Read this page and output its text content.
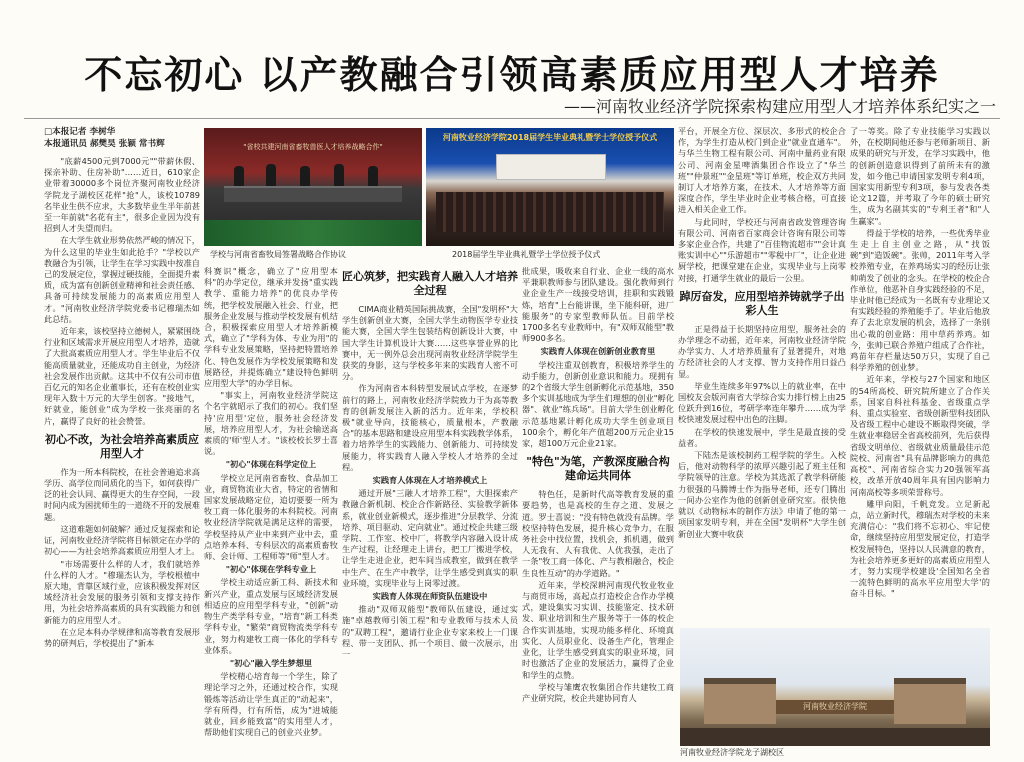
不忘初心 以产教融合引领高素质应用型人才培养
——河南牧业经济学院探索构建应用型人才培养体系纪实之一
□本报记者 李树华
本报通讯员 郝樊昊 张颖 常书辉

"底薪4500元到7000元""带薪休假、探亲补助、住房补助"……近日，610家企业带着30000多个岗位齐聚河南牧业经济学院龙子湖校区花样"抢"人，该校10789名毕业生供不应求，大多数毕业生半年前甚至一年前就"名花有主"，很多企业因为没有招到人才失望而归。

在大学生就业形势依然严峻的情况下，为什么这里的毕业生如此抢手？"学校以产教融合为引领，让学生在学习实践中按准自己的发展定位，掌握过硬技能，全面提升素质，成为富有创新创业精神和社会责任感、具备可持续发展能力的高素质应用型人才。"河南牧业经济学院党委书记穆瑞杰如此总结。

近年来，该校坚持立德树人，紧紧围绕行业和区域需求开展应用型人才培养，造就了大批高素质应用型人才。学生毕业后不仅能高质量就业，还能成功自主创业，为经济社会发展作出贡献。这其中不仅有公司市值百亿元的知名企业董事长，还有在校创业实现年入数十万元的大学生创客。"接地气，好就业，能创业"成为学校一张亮丽的名片，赢得了良好的社会赞誉。

初心不改，为社会培养高素质应用型人才

作为一所本科院校，在社会普遍追求高学历、高学位而同质化的当下，如何获得广泛的社会认同、赢得更大的生存空间，一段时间内成为困扰师生的一道绕不开的发展难题。

这道难题如何破解？通过反复探索和论证，河南牧业经济学院将目标锁定在办学的初心——为社会培养高素质应用型人才上。

"市场需要什么样的人才，我们就培养什么样的人才。"穆瑞杰认为，学校根植中原大地，背靠区域行业，应该积极发挥对区域经济社会发展的服务引领和支撑支持作用，为社会培养高素质的具有实践能力和创新能力的应用型人才。

在立足本科办学规律和高等教育发展形势的研判后，学校提出了"新本

"省校共建河南省畜牧兽医人才培养战略合作"
学校与河南省畜牧局签署战略合作协议
河南牧业经济学院2018届学生毕业典礼暨学士学位授予仪式
2018届学生毕业典礼暨学士学位授予仪式

科赛识"概念，确立了"应用型本科"的办学定位，继承并发扬"重实践教学、重能力培养"的优良办学传统，把学校发展融入社会、行业，把服务企业发展与推动学校发展有机结合，积极探索应用型人才培养新模式，确立了"学科为体、专业为用"的学科专业发展策略，坚持把特置培养化、特色发展作为学校发展策略和发展路径，并提炼确立"建设特色鲜明应用型大学"的办学目标。

"事实上，河南牧业经济学院这个名字就昭示了我们的初心。我们坚持'应用型'定位，服务社会经济发展，培养应用型人才，为社会输送高素质的'师'型人才。"该校校长罗士喜说。

"初心"体现在科学定位上

学校立足河南省畜牧、食品加工业，商贸物流业大省，特定的省情和国家发展战略定位，追切要要一所为牧工商一体化服务的本科院校。河南牧业经济学院就是满足这样的需要，学校坚持从产业中来到产业中去，重点培养本科、专科层次的高素质畜牧师、会计师、工程师等"师"型人才。

"初心"体现在学科专业上

学校主动适应新工科、新技术和新兴产业，重点发展与区域经济发展相适应的应用型学科专业，"创新"动物生产类学科专业，"培育"新工科类学科专业，"繁荣"商贸物流类学科专业，努力构建牧工商一体化的学科专业体系。

"初心"融入学生梦想里

学校精心培育每一个学生，除了理论学习之外，还通过校合作，实现锻炼等活动让学生真正的"动起来"，学有所得，行有所悟，成为"进城能就业，回乡能致富"的实用型人才，帮助他们实现自己的创业兴业梦。

匠心筑梦，把实践育人融入人才培养全过程

CIMA商业精英国际挑战赛，全国"发明杯"大学生创新创业大赛，全国大学生动物医学专业技能大赛，全国大学生包装结构创新设计大赛，中国大学生计算机设计大赛……这些享誉业界的比赛中，无一例外总会出现河南牧业经济学院学生获奖的身影，这与学校多年来的实践育人密不可分。

作为河南省本科转型发展试点学校，在逐梦前行的路上，河南牧业经济学院致力于为高等教育的创新发展注入新的活力。近年来，学校积极"就业导向，技能核心，质量根本，产教融合"的基本思路和建设应用型本科实践教学体系，着力培养学生的实践能力、创新能力、可持续发展能力，将实践育人融入学校人才培养的全过程。

实践育人体现在人才培养模式上

通过开展"三融人才培养工程"，大胆探索产教融合新机制、校企合作新路径、实验教学新体系，就业创业新模式，逐步推进"分层教学、分流培养、项目驱动、定向就业"。通过校企共建三级学院、工作室、校中厂，将教学内容融入设计成生产过程，让经理走上讲台，把工厂搬进学校，让学生走进企业，把车间当成教室，做到在教学中生产、在生产中教学，让学生感受到真实的职业环境，实现毕业与上岗零过渡。

实践育人体现在师资队伍建设中

推动"双师双能型"教师队伍建设，通过实施"卓越教师引领工程"和专业教师与技术人员的"双聘工程"，邀请行业企业专家来校上一门课程、带一支团队、抓一个项目、做一次展示，出一

批成果，吸收来自行业、企业一线的高水平兼职教师参与团队建设。强化教师到行业企业生产一线接受培训，挂职和实践锻炼，培育"上台能讲课，坐下能科研，进厂能服务"的专家型教师队伍。目前学校1700多名专业教师中，有"双师双能型"教师900多名。

实践育人体现在创新创业教育里

学校注重双创教育，积极培养学生的动手能力，创新创业意识和能力。现拥有的2个省级大学生创新孵化示范基地，350多个实训基地成为学生们理想的创业"孵化器"、就业"练兵场"。目前大学生创业孵化示范基地累计孵化成功大学生创业项目100余个，孵化年产值超200万元企业15家，超100万元企业21家。

"特色"为笔，产教深度融合构建命运共同体

特色任，是新时代高等教育发展的重要趋势，也是高校的生存之道、发展之道。罗士喜说："没有特色就没有品牌。学校坚持特色发展，提升核心竞争力，在服务社会中找位置，找机会，抓机遇，做到人无我有、人有我优、人优我强，走出了一条"牧工商一体化、产与教相融合，校企生良性互动"的办学道路。"

近年来，学校深耕河南现代牧业牧业与商贸市场，高起点打造校企合作办学模式，建设集实习实训、技能鉴定、技术研发、职业培训和生产服务等于一体的校企合作实训基地，实现功能多样化、环境真实化、人员职业化、设备生产化，管理企业化，让学生感受到真实的职业环境，同时也激活了企业的发展活力，赢得了企业和学生的点赞。

学校与雏鹰农牧集团合作共建牧工商产业研究院，校企共建协同育人

平台，开展全方位、深层次、多形式的校企合作，为学生打造从校门到企业"就业直通车"。与华兰生物工程有限公司、河南中量药业有限公司、河南金星啤酒集团合作设立了"华兰班""仲景班""金星班"等订单班，校企双方共同制订人才培养方案，在技术、人才培养等方面深度合作，学生毕业时企业考核合格，可直接进入相关企业工作。

与此同时，学校还与河南省政发管理咨询有限公司、河南省百家商会计咨询有限公司等多家企业合作，共建了"百佳物流超市""会计真账实训中心""乐游超市""零税中厂"，让企业进厨学校，把课堂建在企业，实现毕业与上岗零对接，打通学生就业的最后一公里。

踔厉奋发，应用型培养铸就学子出彩人生

正是得益于长期坚持应用型，服务社会的办学理念不动摇，近年来，河南牧业经济学院办学实力、人才培养质量有了显著提升，对地方经济社会的人才支撑、智力支持作用日益凸显。

毕业生连续多年97%以上的就业率，在中国校友会版河南省大学综合实力排行榜上由25位跃升到16位，考研学率连年攀升……成为学校快速发展过程中出色的注脚。

在学校的快速发展中，学生是最直接的受益者。

下陆杰是该校制药工程学院的学生。入校后，他对动物科学的浓厚兴趣引起了班主任和学院领导的注意。学校为其选派了教学科研能力很强的马腾博士作为指导老师，还专门腾出一间办公室作为他的创新创业研究室。很快他就以《动物标本的制作方法》申请了他的第一项国家发明专利，并在全国"发明杯"大学生创新创业大赛中收获

了一等奖。除了专业技能学习实践以外，在校期间他还参与老师新项目、新成果的研究与开发，在学习实践中，他的创新创造意识得到了前所未有的激发，如今他已申请国家发明专利4项，国家实用新型专利3项，参与发表各类论文12篇，并考取了今年的硕士研究生，成为名副其实的"专利王者"和"人生赢家"。

得益于学校的培养，一些优秀毕业生走上自主创业之路，从"找饭碗"到"造饭碗"。张帅，2011年考入学校养殖专业，在养鸡场实习的经历让张帅萌发了创业的念头。在学校的校企合作单位，他恶补自身实践经验的不足，毕业时他已经成为一名既有专业理论又有实践经验的养殖能手了。毕业后他放弃了去北京发展的机会，选择了一条别出心裁的创业路：用中草药养鸡。如今，张帅已联合养殖户组成了合作社，鸡苗年存栏量达50万只，实现了自己科学养殖的创业梦。

近年来，学校与27个国家和地区的54所高校、研究院所建立了合作关系，国家自科社科基金、省级重点学科、重点实验室、省级创新型科技团队及省级工程中心建设不断取得突破，学生就业率稳居全省高校前列，先后获得省级文明单位、省级就业质量最佳示范院校、河南省"具有品牌影响力的典范高校"、河南省综合实力20强领军高校，改革开放40周年具有国内影响力河南高校等多项荣誉称号。

雕甲向阳，千帆竞发。立足新起点，站立新时代，穆瑞杰对学校的未来充满信心："我们将不忘初心、牢记使命，继续坚持应用型发展定位，打造学校发展特色，坚持以人民满意的教育，为社会培养更多更好的高素质应用型人才，努力实现学校建设'全国知名全省一流特色鲜明的高水平应用型大学'的奋斗目标。"

河南牧业经济学院
河南牧业经济学院龙子湖校区
